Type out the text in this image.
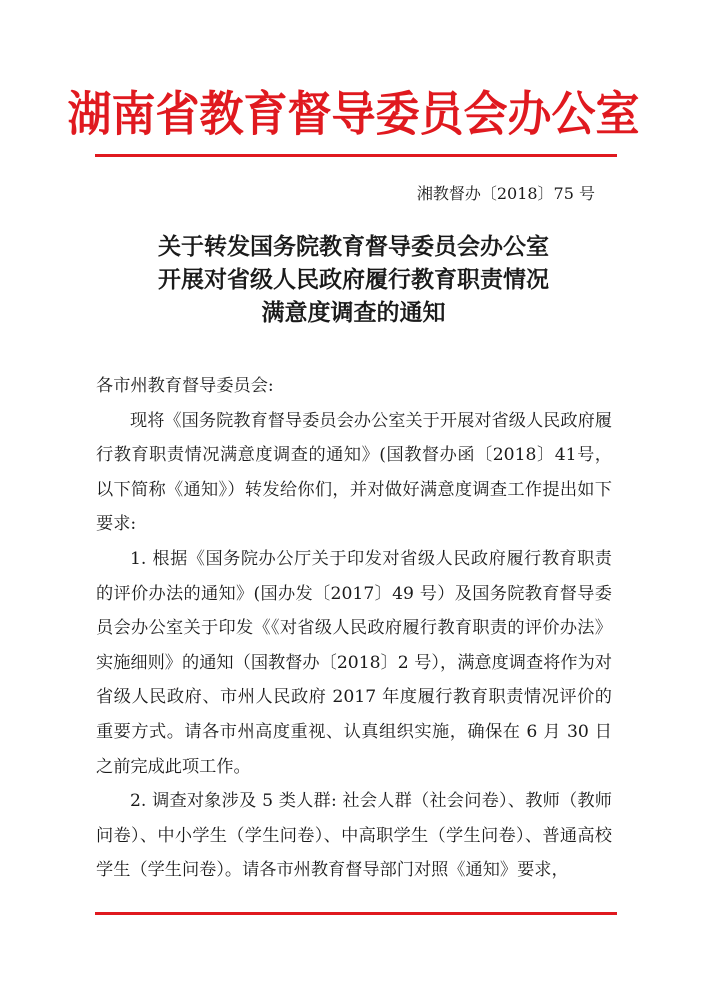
湖南省教育督导委员会办公室
湘教督办〔2018〕75 号
关于转发国务院教育督导委员会办公室
开展对省级人民政府履行教育职责情况
满意度调查的通知

各市州教育督导委员会:

现将《国务院教育督导委员会办公室关于开展对省级人民政府履行教育职责情况满意度调查的通知》(国教督办函〔2018〕41号，以下简称《通知》）转发给你们，并对做好满意度调查工作提出如下要求:

1. 根据《国务院办公厅关于印发对省级人民政府履行教育职责的评价办法的通知》(国办发〔2017〕49 号）及国务院教育督导委员会办公室关于印发《《对省级人民政府履行教育职责的评价办法》实施细则》的通知（国教督办〔2018〕2 号），满意度调查将作为对省级人民政府、市州人民政府 2017 年度履行教育职责情况评价的重要方式。请各市州高度重视、认真组织实施，确保在 6 月 30 日之前完成此项工作。

2. 调查对象涉及 5 类人群: 社会人群（社会问卷）、教师（教师问卷）、中小学生（学生问卷）、中高职学生（学生问卷）、普通高校学生（学生问卷）。请各市州教育督导部门对照《通知》要求，
